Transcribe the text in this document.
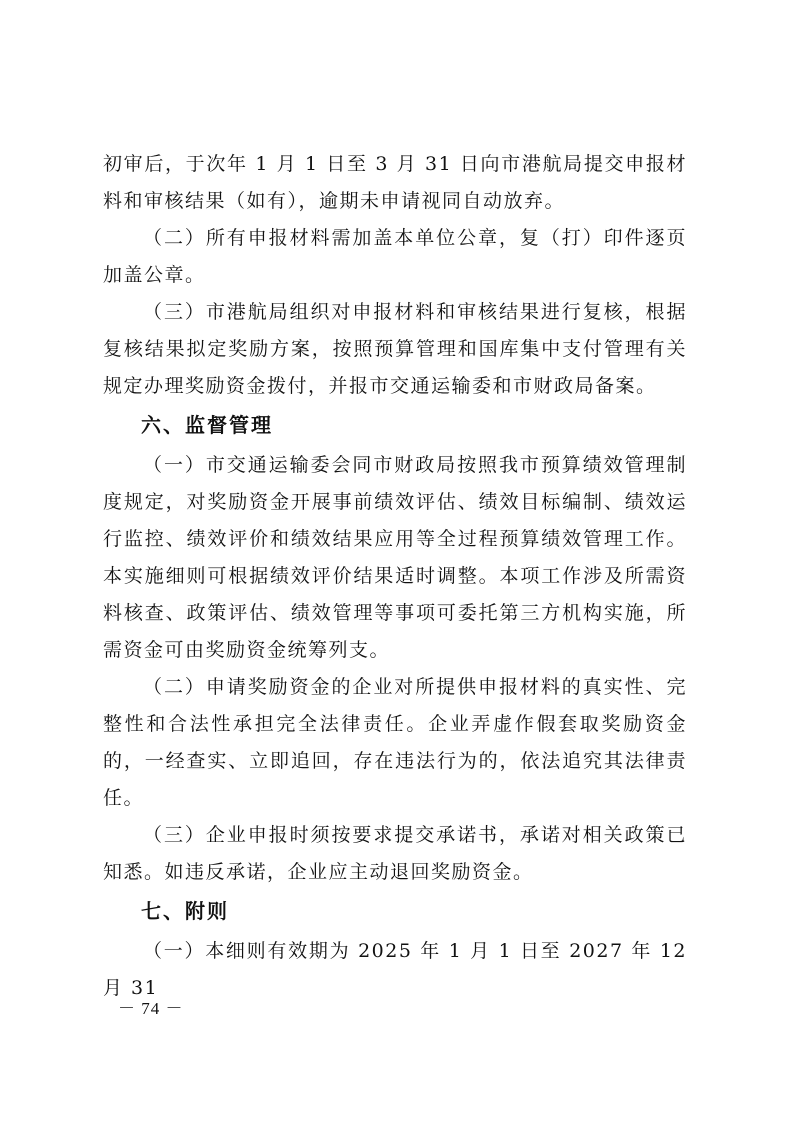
初审后，于次年 1 月 1 日至 3 月 31 日向市港航局提交申报材料和审核结果（如有），逾期未申请视同自动放弃。

（二）所有申报材料需加盖本单位公章，复（打）印件逐页加盖公章。

（三）市港航局组织对申报材料和审核结果进行复核，根据复核结果拟定奖励方案，按照预算管理和国库集中支付管理有关规定办理奖励资金拨付，并报市交通运输委和市财政局备案。

六、监督管理

（一）市交通运输委会同市财政局按照我市预算绩效管理制度规定，对奖励资金开展事前绩效评估、绩效目标编制、绩效运行监控、绩效评价和绩效结果应用等全过程预算绩效管理工作。本实施细则可根据绩效评价结果适时调整。本项工作涉及所需资料核查、政策评估、绩效管理等事项可委托第三方机构实施，所需资金可由奖励资金统筹列支。

（二）申请奖励资金的企业对所提供申报材料的真实性、完整性和合法性承担完全法律责任。企业弄虚作假套取奖励资金的，一经查实、立即追回，存在违法行为的，依法追究其法律责任。

（三）企业申报时须按要求提交承诺书，承诺对相关政策已知悉。如违反承诺，企业应主动退回奖励资金。

七、附则

（一）本细则有效期为 2025 年 1 月 1 日至 2027 年 12 月 31

－ 74 －
